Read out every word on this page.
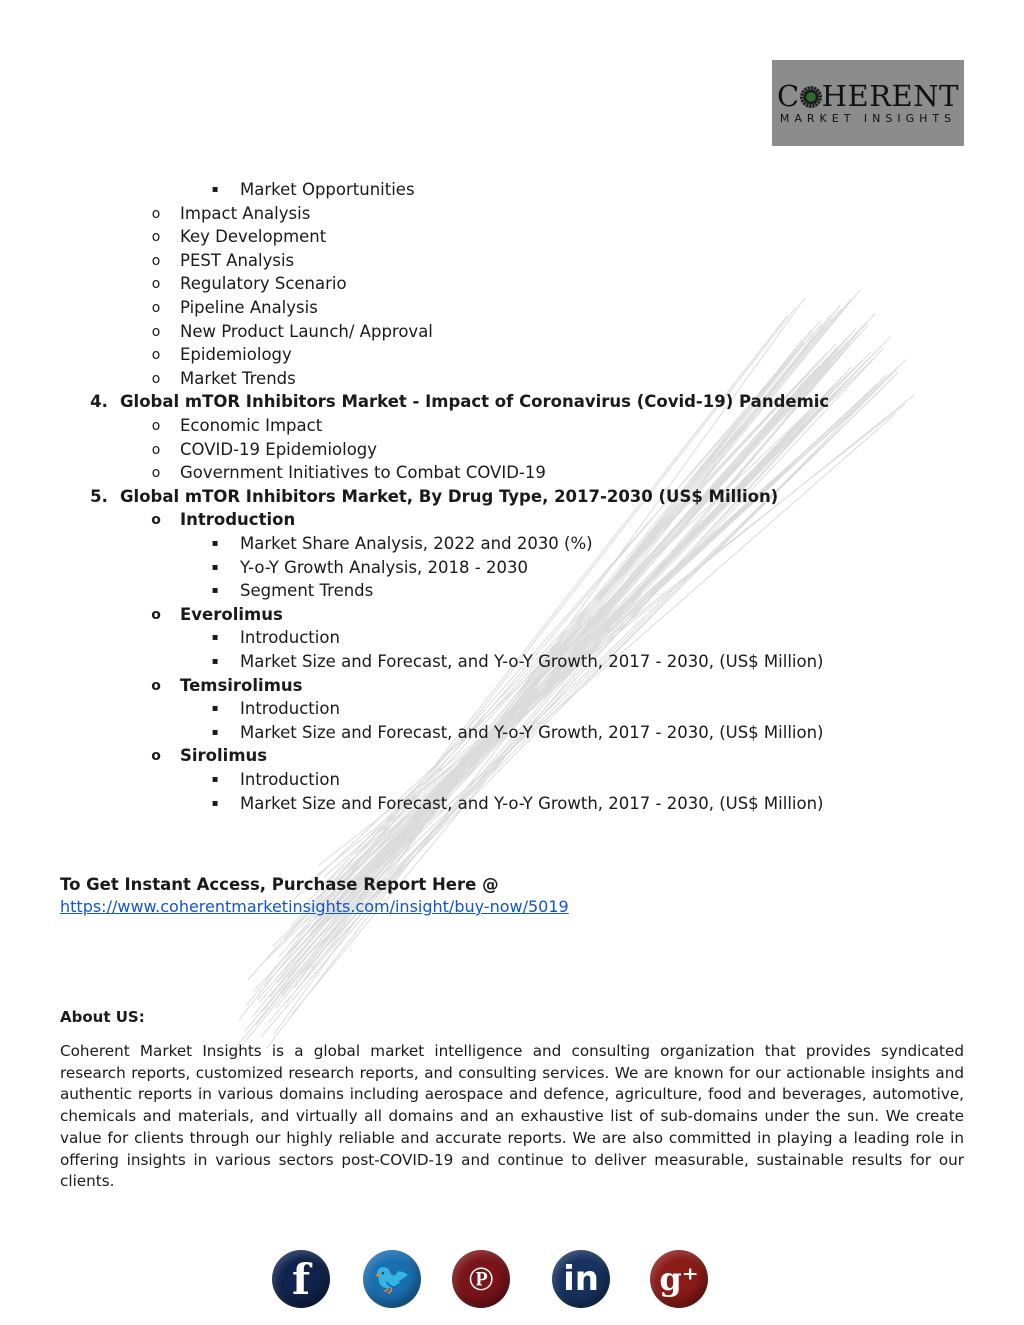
C HERENT
MARKET INSIGHTS
▪ Market Opportunities
o Impact Analysis
o Key Development
o PEST Analysis
o Regulatory Scenario
o Pipeline Analysis
o New Product Launch/ Approval
o Epidemiology
o Market Trends
4. Global mTOR Inhibitors Market - Impact of Coronavirus (Covid-19) Pandemic
o Economic Impact
o COVID-19 Epidemiology
o Government Initiatives to Combat COVID-19
5. Global mTOR Inhibitors Market, By Drug Type, 2017-2030 (US$ Million)
o Introduction
▪ Market Share Analysis, 2022 and 2030 (%)
▪ Y-o-Y Growth Analysis, 2018 - 2030
▪ Segment Trends
o Everolimus
▪ Introduction
▪ Market Size and Forecast, and Y-o-Y Growth, 2017 - 2030, (US$ Million)
o Temsirolimus
▪ Introduction
▪ Market Size and Forecast, and Y-o-Y Growth, 2017 - 2030, (US$ Million)
o Sirolimus
▪ Introduction
▪ Market Size and Forecast, and Y-o-Y Growth, 2017 - 2030, (US$ Million)
To Get Instant Access, Purchase Report Here @
https://www.coherentmarketinsights.com/insight/buy-now/5019
About US:
Coherent Market Insights is a global market intelligence and consulting organization that provides syndicated research reports, customized research reports, and consulting services. We are known for our actionable insights and authentic reports in various domains including aerospace and defence, agriculture, food and beverages, automotive, chemicals and materials, and virtually all domains and an exhaustive list of sub-domains under the sun. We create value for clients through our highly reliable and accurate reports. We are also committed in playing a leading role in offering insights in various sectors post-COVID-19 and continue to deliver measurable, sustainable results for our clients.
f 🐦 ℗ in g⁺
